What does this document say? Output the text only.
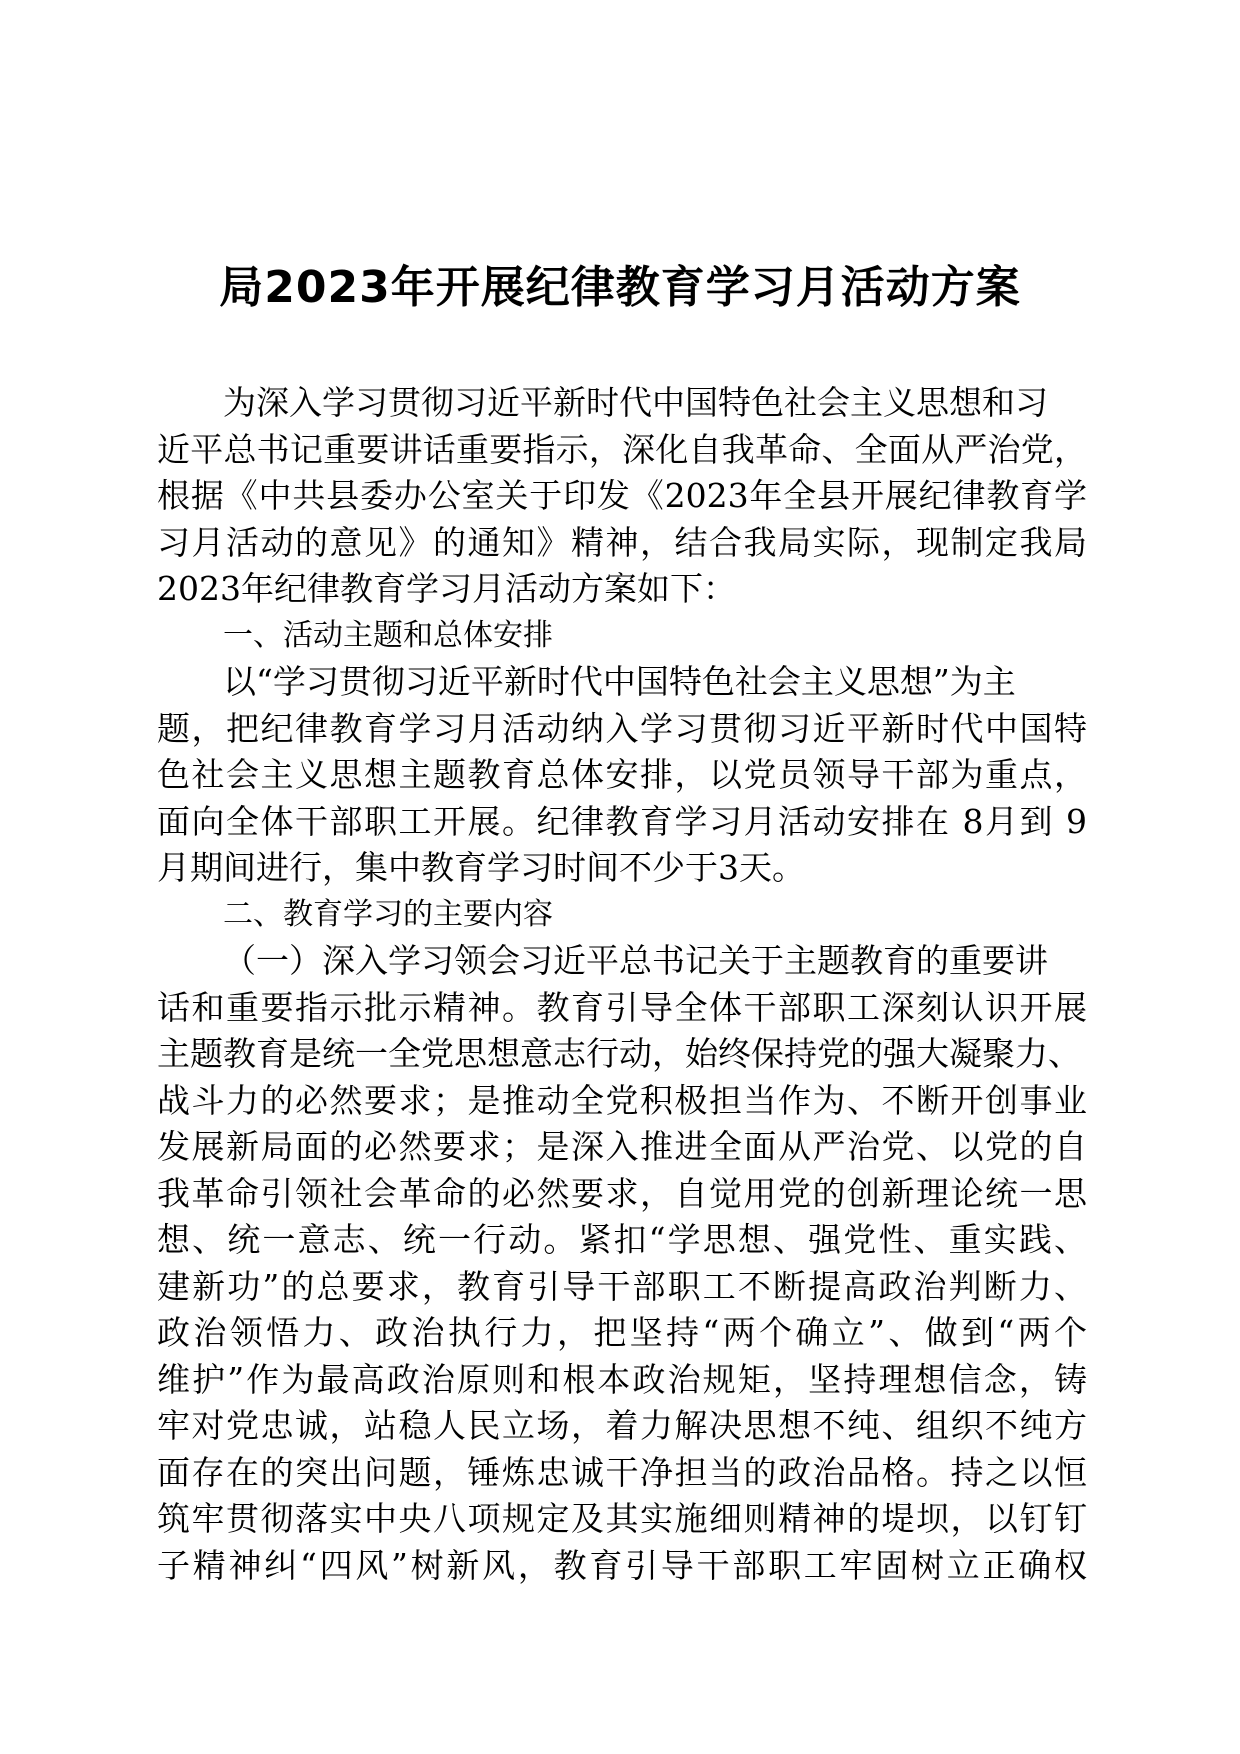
局2023年开展纪律教育学习月活动方案
为深入学习贯彻习近平新时代中国特色社会主义思想和习
近平总书记重要讲话重要指示，深化自我革命、全面从严治党，
根据《中共县委办公室关于印发《2023年全县开展纪律教育学
习月活动的意见》的通知》精神，结合我局实际，现制定我局
2023年纪律教育学习月活动方案如下：
一、活动主题和总体安排
以“学习贯彻习近平新时代中国特色社会主义思想”为主
题，把纪律教育学习月活动纳入学习贯彻习近平新时代中国特
色社会主义思想主题教育总体安排，以党员领导干部为重点，
面向全体干部职工开展。纪律教育学习月活动安排在 8月到 9
月期间进行，集中教育学习时间不少于3天。
二、教育学习的主要内容
（一）深入学习领会习近平总书记关于主题教育的重要讲
话和重要指示批示精神。教育引导全体干部职工深刻认识开展
主题教育是统一全党思想意志行动，始终保持党的强大凝聚力、
战斗力的必然要求；是推动全党积极担当作为、不断开创事业
发展新局面的必然要求；是深入推进全面从严治党、以党的自
我革命引领社会革命的必然要求，自觉用党的创新理论统一思
想、统一意志、统一行动。紧扣“学思想、强党性、重实践、
建新功”的总要求，教育引导干部职工不断提高政治判断力、
政治领悟力、政治执行力，把坚持“两个确立”、做到“两个
维护”作为最高政治原则和根本政治规矩，坚持理想信念，铸
牢对党忠诚，站稳人民立场，着力解决思想不纯、组织不纯方
面存在的突出问题，锤炼忠诚干净担当的政治品格。持之以恒
筑牢贯彻落实中央八项规定及其实施细则精神的堤坝，以钉钉
子精神纠“四风”树新风，教育引导干部职工牢固树立正确权
